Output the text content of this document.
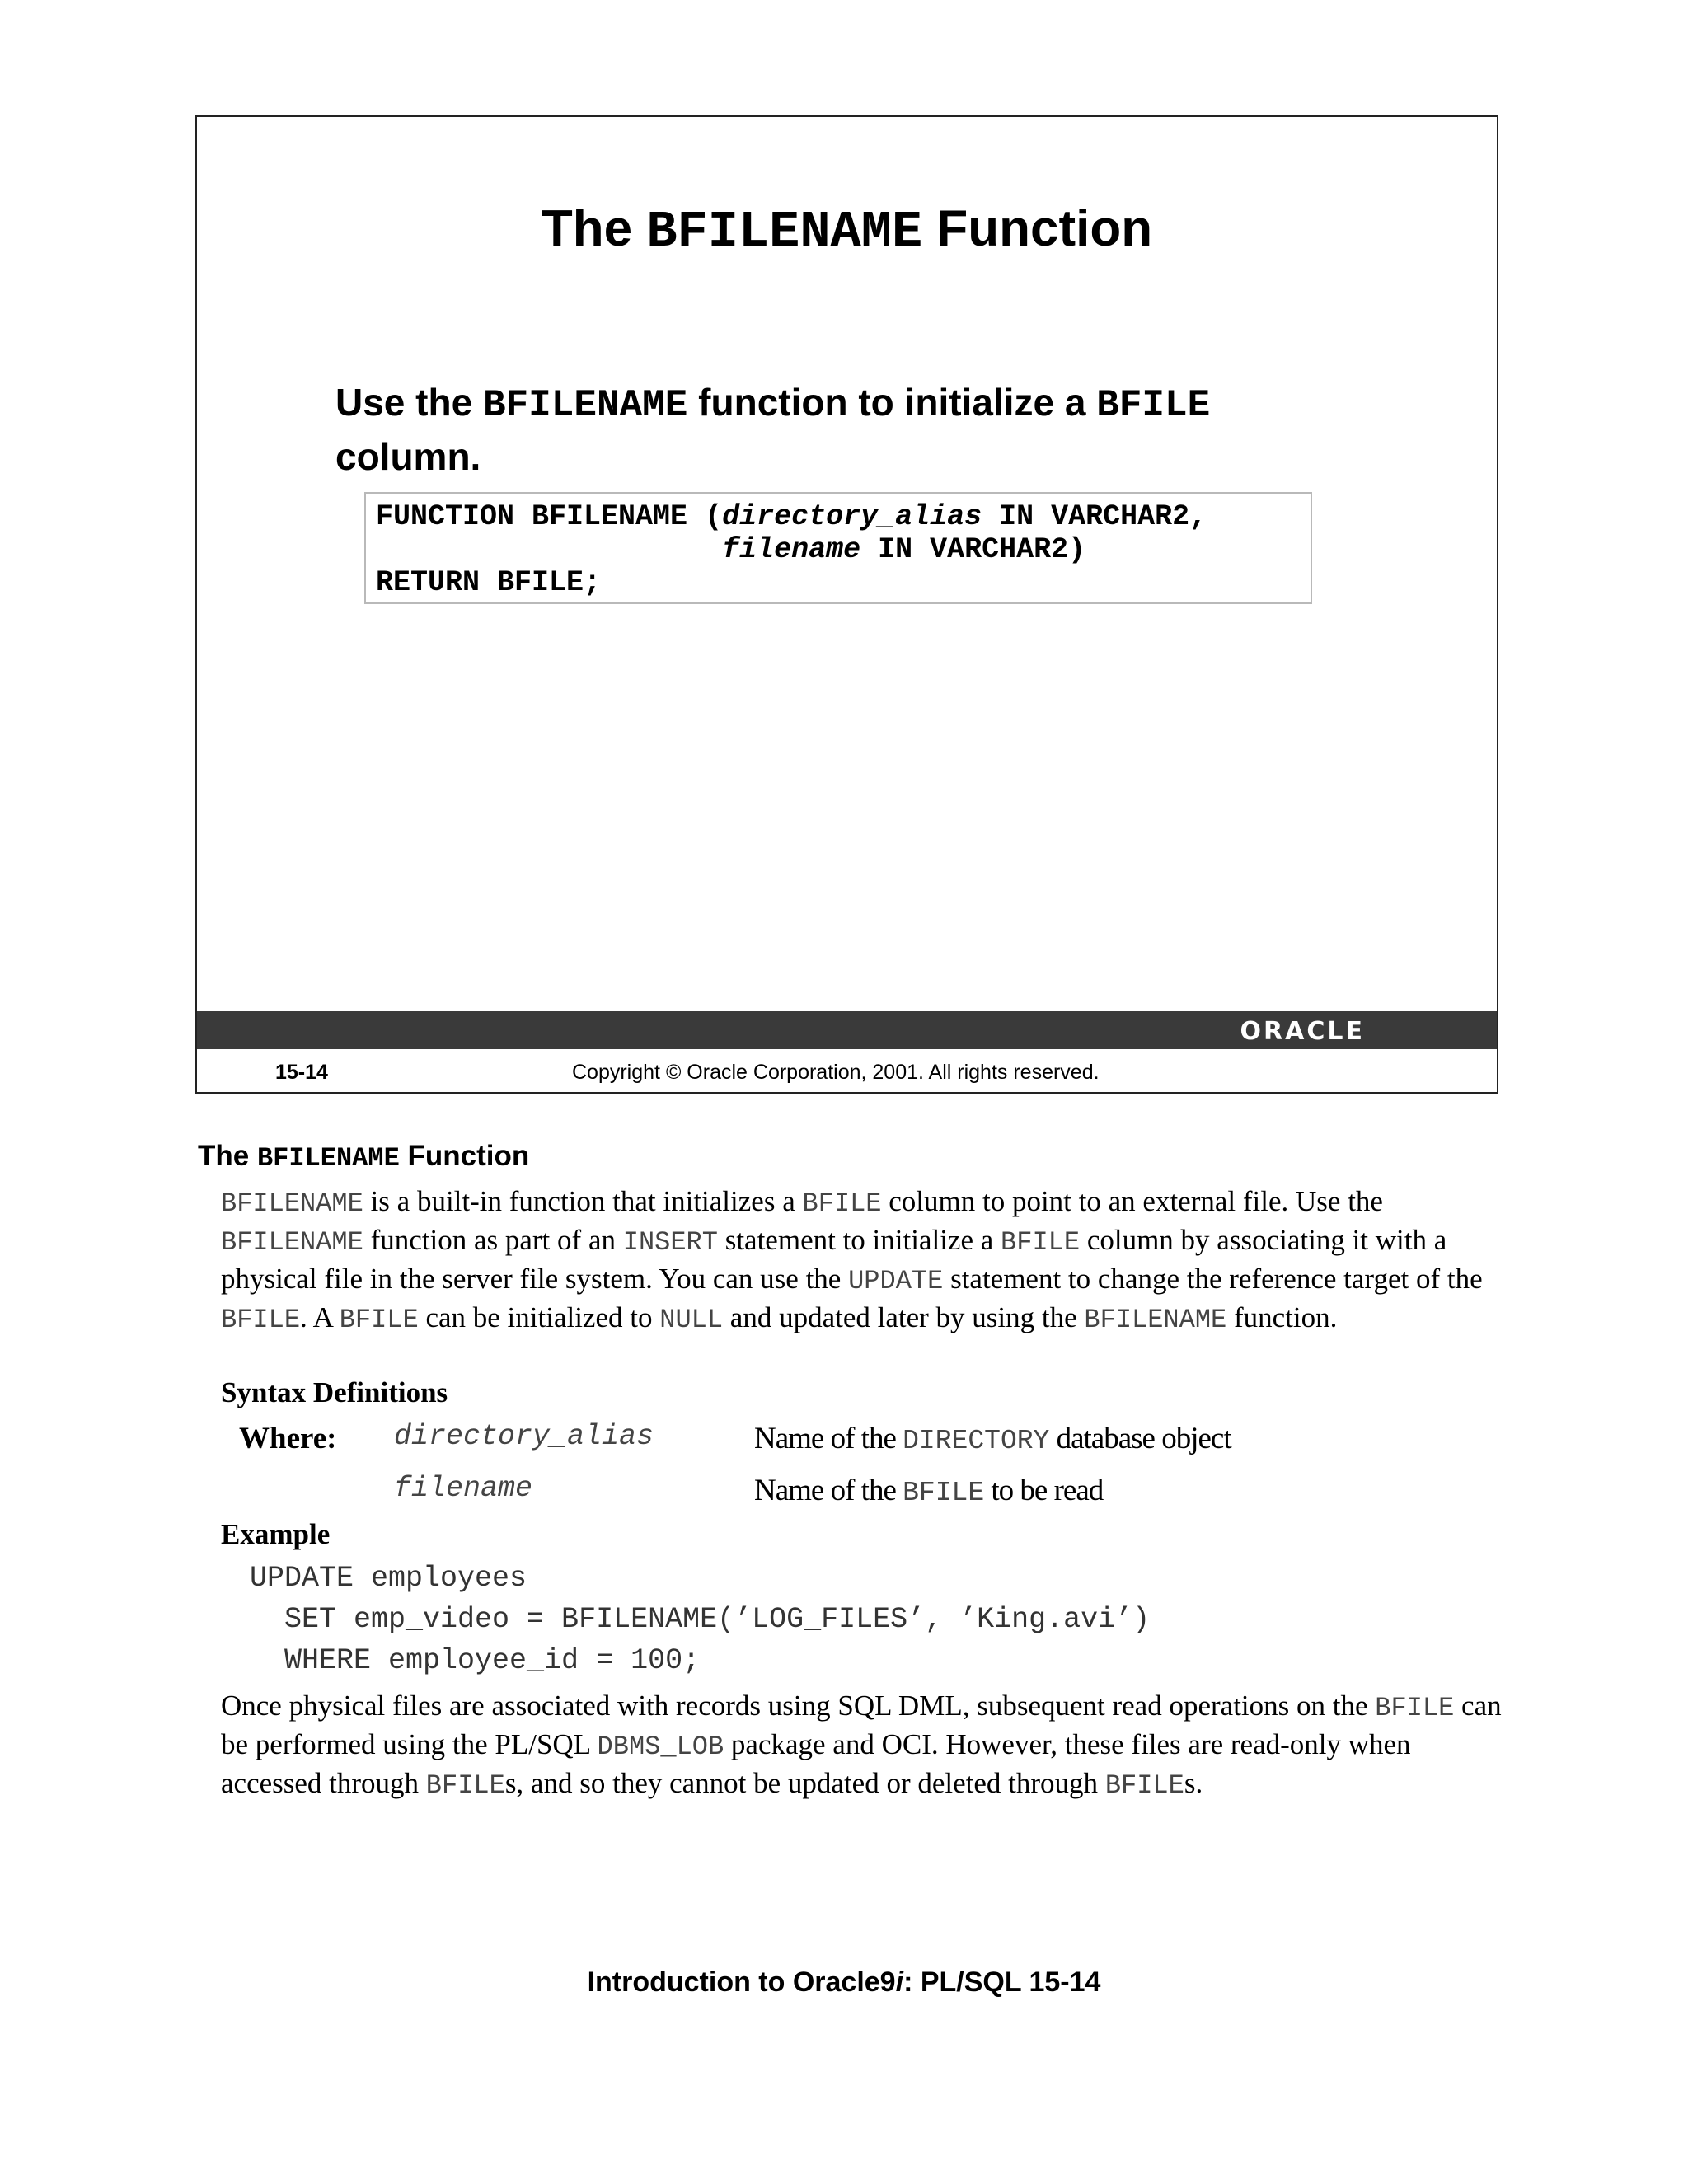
The BFILENAME Function
Use the BFILENAME function to initialize a BFILE column.
FUNCTION BFILENAME (directory_alias IN VARCHAR2,
filename IN VARCHAR2)
RETURN BFILE;
ORACLE
15-14	Copyright © Oracle Corporation, 2001. All rights reserved.
The BFILENAME Function
BFILENAME is a built-in function that initializes a BFILE column to point to an external file. Use the BFILENAME function as part of an INSERT statement to initialize a BFILE column by associating it with a physical file in the server file system. You can use the UPDATE statement to change the reference target of the BFILE. A BFILE can be initialized to NULL and updated later by using the BFILENAME function.
Syntax Definitions
Where: directory_alias	Name of the DIRECTORY database object
filename	Name of the BFILE to be read
Example
UPDATE employees
SET emp_video = BFILENAME(’LOG_FILES’, ’King.avi’)
WHERE employee_id = 100;
Once physical files are associated with records using SQL DML, subsequent read operations on the BFILE can be performed using the PL/SQL DBMS_LOB package and OCI. However, these files are read-only when accessed through BFILEs, and so they cannot be updated or deleted through BFILEs.
Introduction to Oracle9i: PL/SQL 15-14
